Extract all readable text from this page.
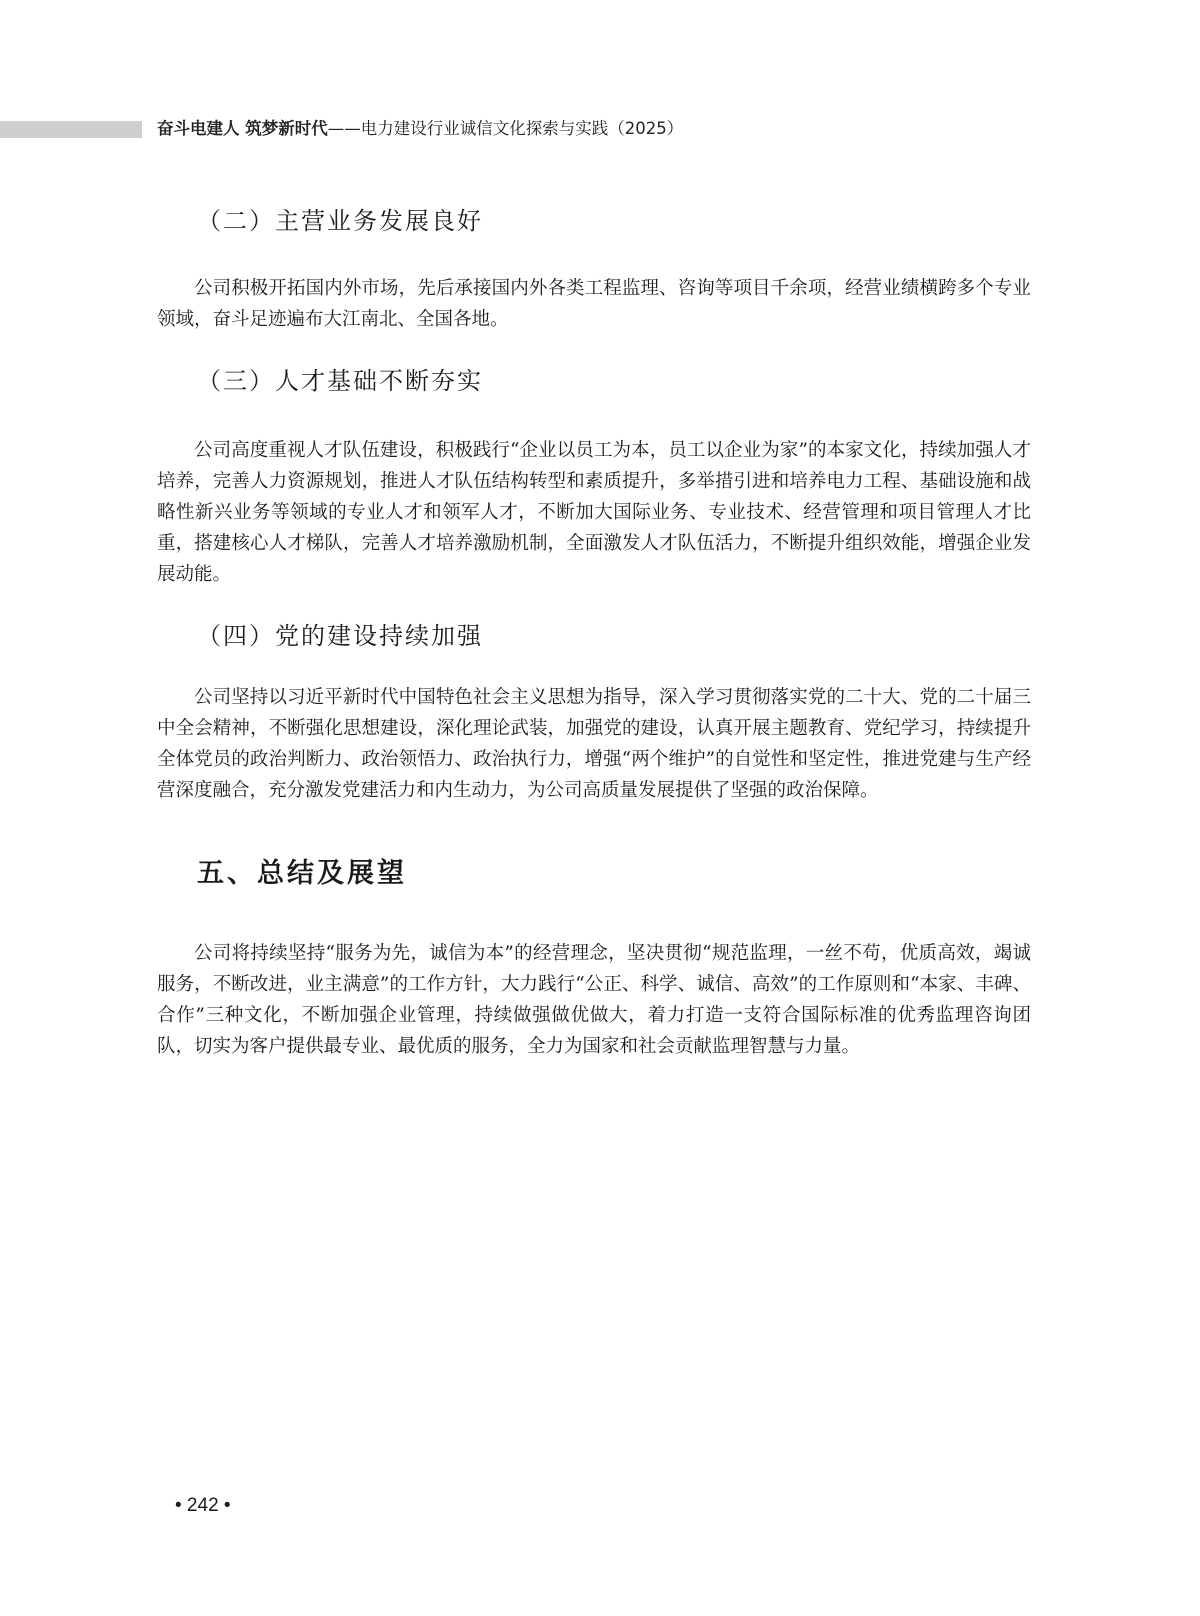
奋斗电建人 筑梦新时代——电力建设行业诚信文化探索与实践（2025）
（二）主营业务发展良好

公司积极开拓国内外市场，先后承接国内外各类工程监理、咨询等项目千余项，经营业绩横跨多个专业领域，奋斗足迹遍布大江南北、全国各地。

（三）人才基础不断夯实

公司高度重视人才队伍建设，积极践行“企业以员工为本，员工以企业为家”的本家文化，持续加强人才培养，完善人力资源规划，推进人才队伍结构转型和素质提升，多举措引进和培养电力工程、基础设施和战略性新兴业务等领域的专业人才和领军人才，不断加大国际业务、专业技术、经营管理和项目管理人才比重，搭建核心人才梯队，完善人才培养激励机制，全面激发人才队伍活力，不断提升组织效能，增强企业发展动能。

（四）党的建设持续加强

公司坚持以习近平新时代中国特色社会主义思想为指导，深入学习贯彻落实党的二十大、党的二十届三中全会精神，不断强化思想建设，深化理论武装，加强党的建设，认真开展主题教育、党纪学习，持续提升全体党员的政治判断力、政治领悟力、政治执行力，增强“两个维护”的自觉性和坚定性，推进党建与生产经营深度融合，充分激发党建活力和内生动力，为公司高质量发展提供了坚强的政治保障。

五、总结及展望

公司将持续坚持“服务为先，诚信为本”的经营理念，坚决贯彻“规范监理，一丝不苟，优质高效，竭诚服务，不断改进，业主满意”的工作方针，大力践行“公正、科学、诚信、高效”的工作原则和“本家、丰碑、合作”三种文化，不断加强企业管理，持续做强做优做大，着力打造一支符合国际标准的优秀监理咨询团队，切实为客户提供最专业、最优质的服务，全力为国家和社会贡献监理智慧与力量。

• 242 •
